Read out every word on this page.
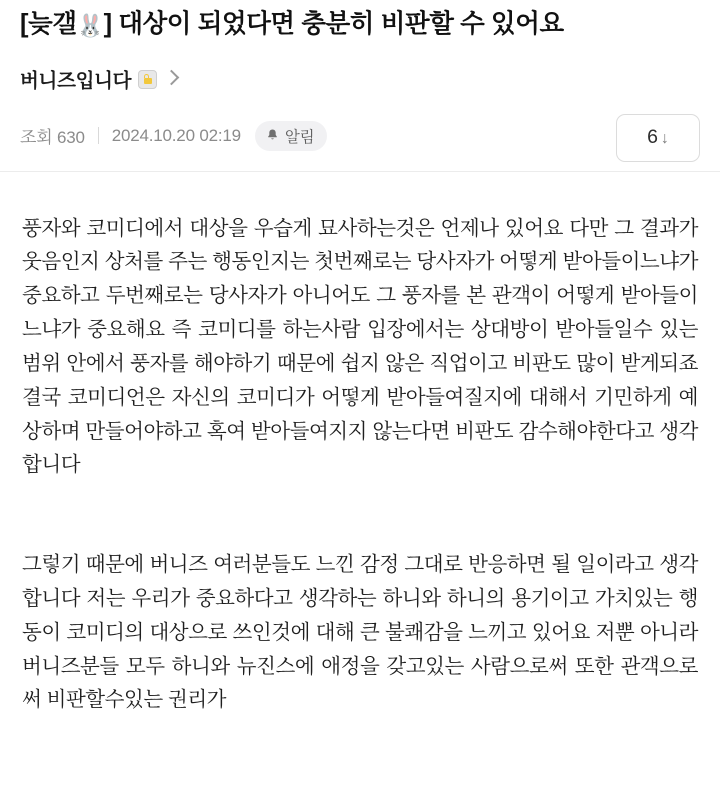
[늦갤🐰] 대상이 되었다면 충분히 비판할 수 있어요
버니즈입니다
조회 630 2024.10.20 02:19	알림	6 ↓

풍자와 코미디에서 대상을 우습게 묘사하는것은 언제나 있어요 다만 그 결과가 웃음인지 상처를 주는 행동인지는 첫번째로는 당사자가 어떻게 받아들이느냐가 중요하고 두번째로는 당사자가 아니어도 그 풍자를 본 관객이 어떻게 받아들이느냐가 중요해요 즉 코미디를 하는사람 입장에서는 상대방이 받아들일수 있는 범위 안에서 풍자를 해야하기 때문에 쉽지 않은 직업이고 비판도 많이 받게되죠 결국 코미디언은 자신의 코미디가 어떻게 받아들여질지에 대해서 기민하게 예상하며 만들어야하고 혹여 받아들여지지 않는다면 비판도 감수해야한다고 생각합니다

그렇기 때문에 버니즈 여러분들도 느낀 감정 그대로 반응하면 될 일이라고 생각합니다 저는 우리가 중요하다고 생각하는 하니와 하니의 용기이고 가치있는 행동이 코미디의 대상으로 쓰인것에 대해 큰 불쾌감을 느끼고 있어요 저뿐 아니라 버니즈분들 모두 하니와 뉴진스에 애정을 갖고있는 사람으로써 또한 관객으로써 비판할수있는 권리가
